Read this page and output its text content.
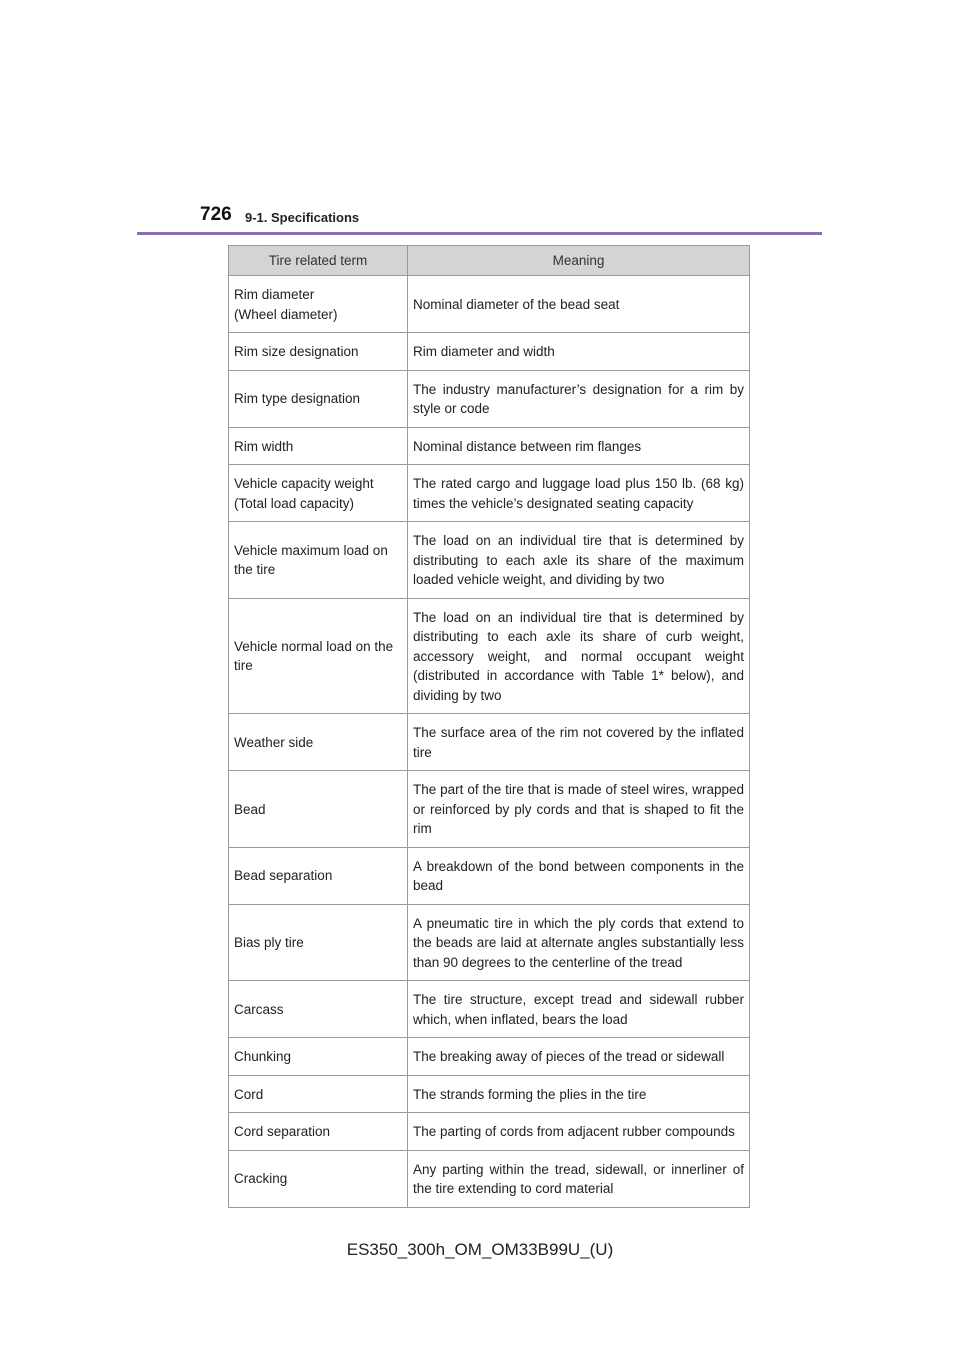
726 9-1. Specifications
Tire related term	Meaning

Rim diameter
(Wheel diameter)	Nominal diameter of the bead seat

Rim size designation	Rim diameter and width

Rim type designation	The industry manufacturer’s designation for a rim by style or code

Rim width	Nominal distance between rim flanges

Vehicle capacity weight (Total load capacity)	The rated cargo and luggage load plus 150 lb. (68 kg) times the vehicle’s designated seating capacity

Vehicle maximum load on the tire	The load on an individual tire that is determined by distributing to each axle its share of the maximum loaded vehicle weight, and dividing by two

Vehicle normal load on the tire	The load on an individual tire that is determined by distributing to each axle its share of curb weight, accessory weight, and normal occupant weight (distributed in accordance with Table 1* below), and dividing by two

Weather side	The surface area of the rim not covered by the inflated tire

Bead	The part of the tire that is made of steel wires, wrapped or reinforced by ply cords and that is shaped to fit the rim

Bead separation	A breakdown of the bond between components in the bead

Bias ply tire	A pneumatic tire in which the ply cords that extend to the beads are laid at alternate angles substantially less than 90 degrees to the centerline of the tread

Carcass	The tire structure, except tread and sidewall rubber which, when inflated, bears the load

Chunking	The breaking away of pieces of the tread or sidewall

Cord	The strands forming the plies in the tire

Cord separation	The parting of cords from adjacent rubber compounds

Cracking	Any parting within the tread, sidewall, or innerliner of the tire extending to cord material
ES350_300h_OM_OM33B99U_(U)
